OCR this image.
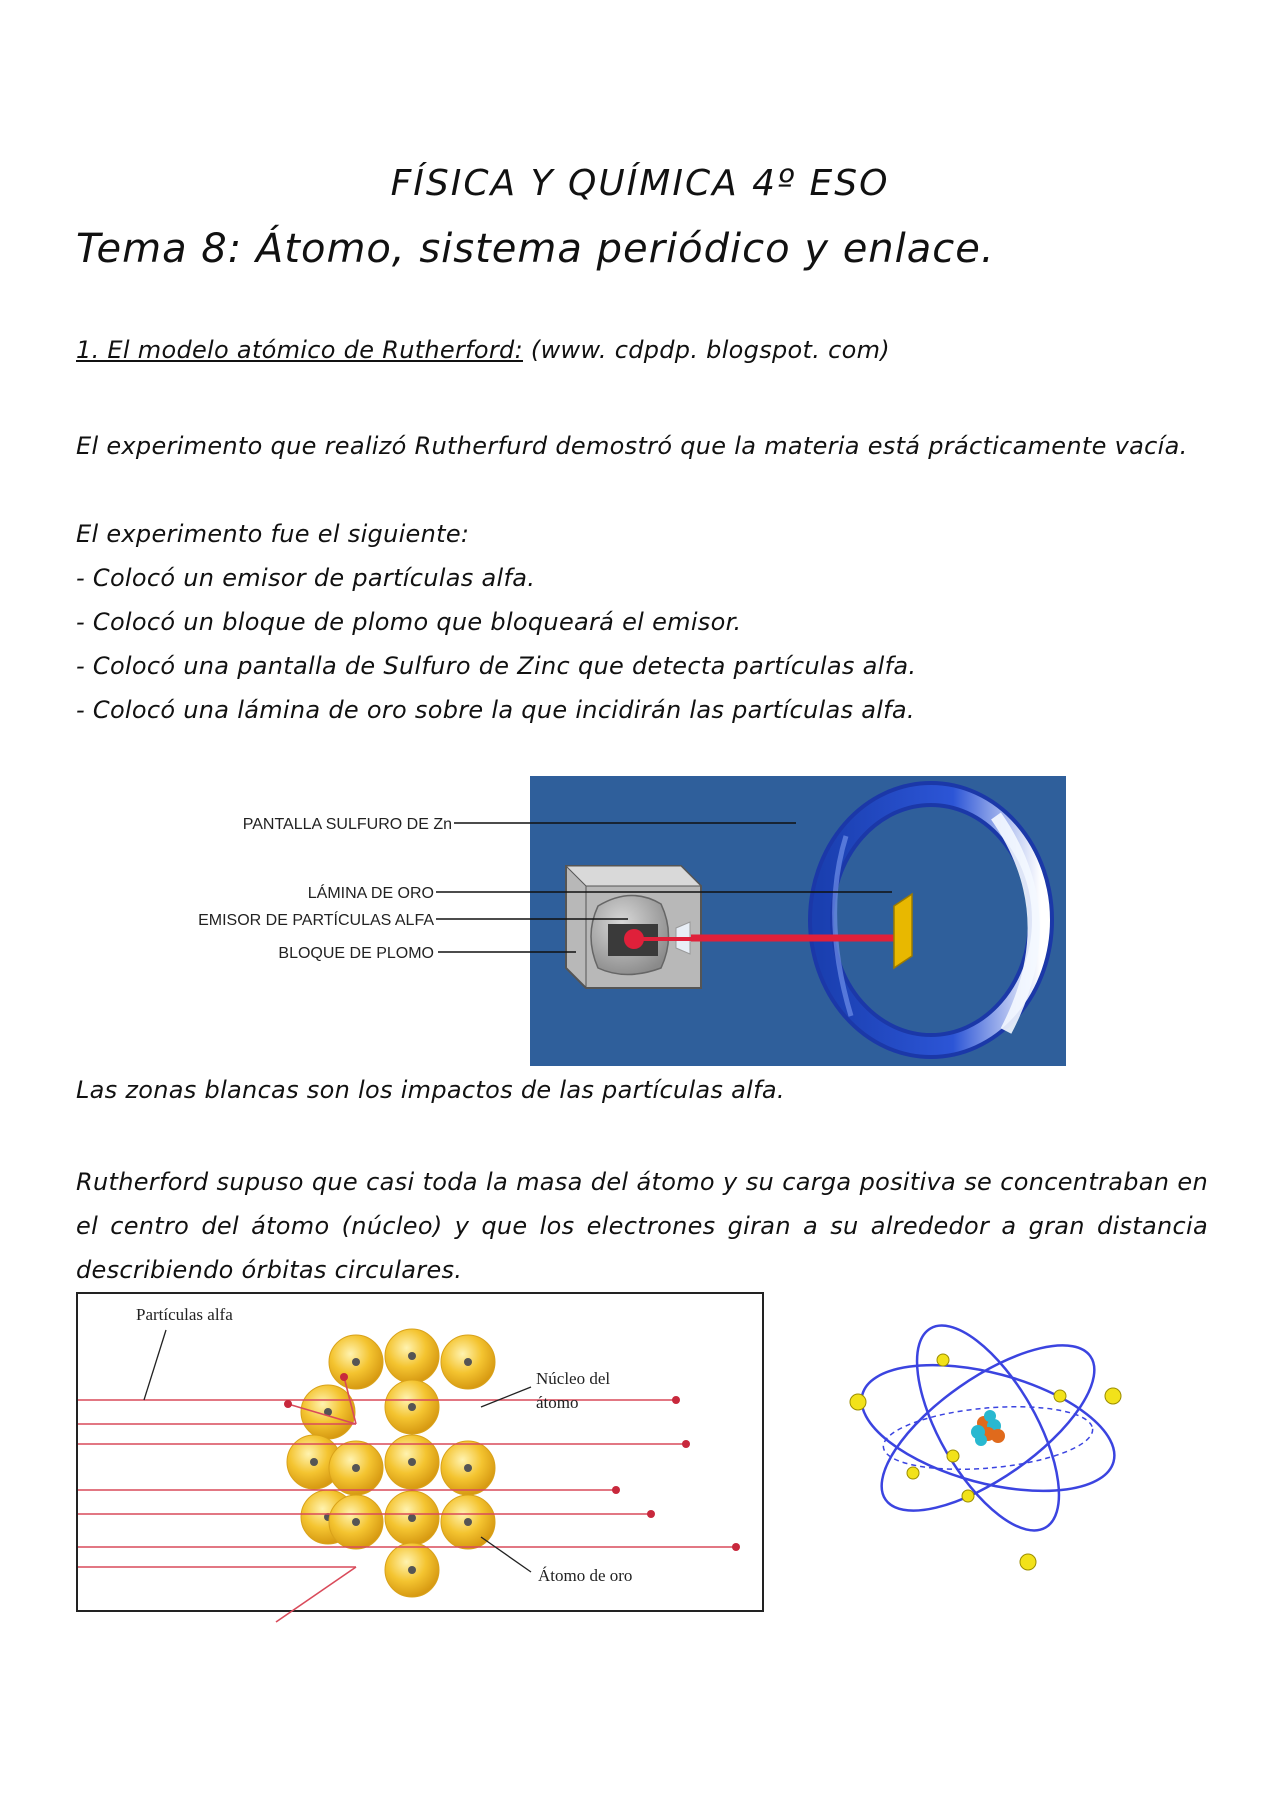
FÍSICA Y QUÍMICA 4º ESO
Tema 8: Átomo, sistema periódico y enlace.
1. El modelo atómico de Rutherford: (www. cdpdp. blogspot. com)
El experimento que realizó Rutherfurd demostró que la materia está prácticamente vacía.
El experimento fue el siguiente:
- Colocó un emisor de partículas alfa.
- Colocó un bloque de plomo que bloqueará el emisor.
- Colocó una pantalla de Sulfuro de Zinc que detecta partículas alfa.
- Colocó una lámina de oro sobre la que incidirán las partículas alfa.
PANTALLA SULFURO DE Zn
LÁMINA DE ORO
EMISOR DE PARTÍCULAS ALFA
BLOQUE DE PLOMO
Las zonas blancas son los impactos de las partículas alfa.
Rutherford supuso que casi toda la masa del átomo y su carga positiva se concentraban en el centro del átomo (núcleo) y que los electrones giran a su alrededor a gran distancia describiendo órbitas circulares.
Partículas alfa
Núcleo del
átomo
Átomo de oro
